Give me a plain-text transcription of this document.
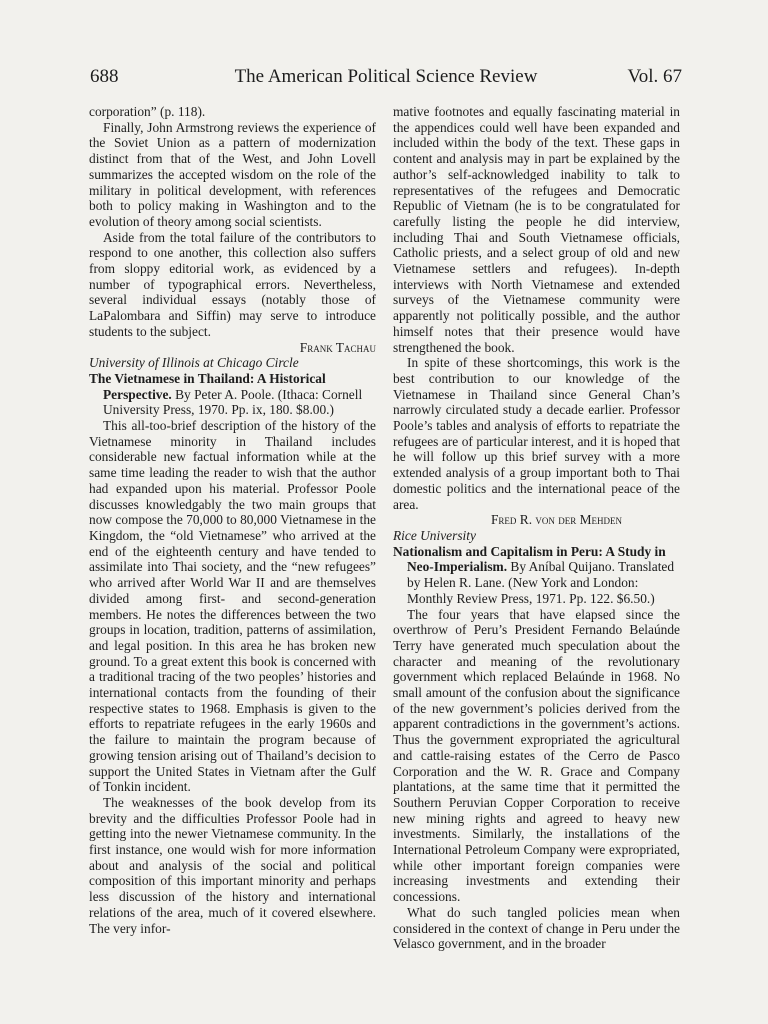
688	The American Political Science Review	Vol. 67

corporation” (p. 118).

Finally, John Armstrong reviews the experience of the Soviet Union as a pattern of modernization distinct from that of the West, and John Lovell summarizes the accepted wisdom on the role of the military in political development, with references both to policy making in Washington and to the evolution of theory among social scientists.

Aside from the total failure of the contributors to respond to one another, this collection also suffers from sloppy editorial work, as evidenced by a number of typographical errors. Nevertheless, several individual essays (notably those of LaPalombara and Siffin) may serve to introduce students to the subject.

Frank Tachau

University of Illinois at Chicago Circle

The Vietnamese in Thailand: A Historical Perspective. By Peter A. Poole. (Ithaca: Cornell University Press, 1970. Pp. ix, 180. $8.00.)

This all-too-brief description of the history of the Vietnamese minority in Thailand includes considerable new factual information while at the same time leading the reader to wish that the author had expanded upon his material. Professor Poole discusses knowledgably the two main groups that now compose the 70,000 to 80,000 Vietnamese in the Kingdom, the “old Vietnamese” who arrived at the end of the eighteenth century and have tended to assimilate into Thai society, and the “new refugees” who arrived after World War II and are themselves divided among first- and second-generation members. He notes the differences between the two groups in location, tradition, patterns of assimilation, and legal position. In this area he has broken new ground. To a great extent this book is concerned with a traditional tracing of the two peoples’ histories and international contacts from the founding of their respective states to 1968. Emphasis is given to the efforts to repatriate refugees in the early 1960s and the failure to maintain the program because of growing tension arising out of Thailand’s decision to support the United States in Vietnam after the Gulf of Tonkin incident.

The weaknesses of the book develop from its brevity and the difficulties Professor Poole had in getting into the newer Vietnamese community. In the first instance, one would wish for more information about and analysis of the social and political composition of this important minority and perhaps less discussion of the history and international relations of the area, much of it covered elsewhere. The very infor-

mative footnotes and equally fascinating material in the appendices could well have been expanded and included within the body of the text. These gaps in content and analysis may in part be explained by the author’s self-acknowledged inability to talk to representatives of the refugees and Democratic Republic of Vietnam (he is to be congratulated for carefully listing the people he did interview, including Thai and South Vietnamese officials, Catholic priests, and a select group of old and new Vietnamese settlers and refugees). In-depth interviews with North Vietnamese and extended surveys of the Vietnamese community were apparently not politically possible, and the author himself notes that their presence would have strengthened the book.

In spite of these shortcomings, this work is the best contribution to our knowledge of the Vietnamese in Thailand since General Chan’s narrowly circulated study a decade earlier. Professor Poole’s tables and analysis of efforts to repatriate the refugees are of particular interest, and it is hoped that he will follow up this brief survey with a more extended analysis of a group important both to Thai domestic politics and the international peace of the area.

Fred R. von der Mehden

Rice University

Nationalism and Capitalism in Peru: A Study in Neo-Imperialism. By Aníbal Quijano. Translated by Helen R. Lane. (New York and London: Monthly Review Press, 1971. Pp. 122. $6.50.)

The four years that have elapsed since the overthrow of Peru’s President Fernando Belaúnde Terry have generated much speculation about the character and meaning of the revolutionary government which replaced Belaúnde in 1968. No small amount of the confusion about the significance of the new government’s policies derived from the apparent contradictions in the government’s actions. Thus the government expropriated the agricultural and cattle-raising estates of the Cerro de Pasco Corporation and the W. R. Grace and Company plantations, at the same time that it permitted the Southern Peruvian Copper Corporation to receive new mining rights and agreed to heavy new investments. Similarly, the installations of the International Petroleum Company were expropriated, while other important foreign companies were increasing investments and extending their concessions.

What do such tangled policies mean when considered in the context of change in Peru under the Velasco government, and in the broader
